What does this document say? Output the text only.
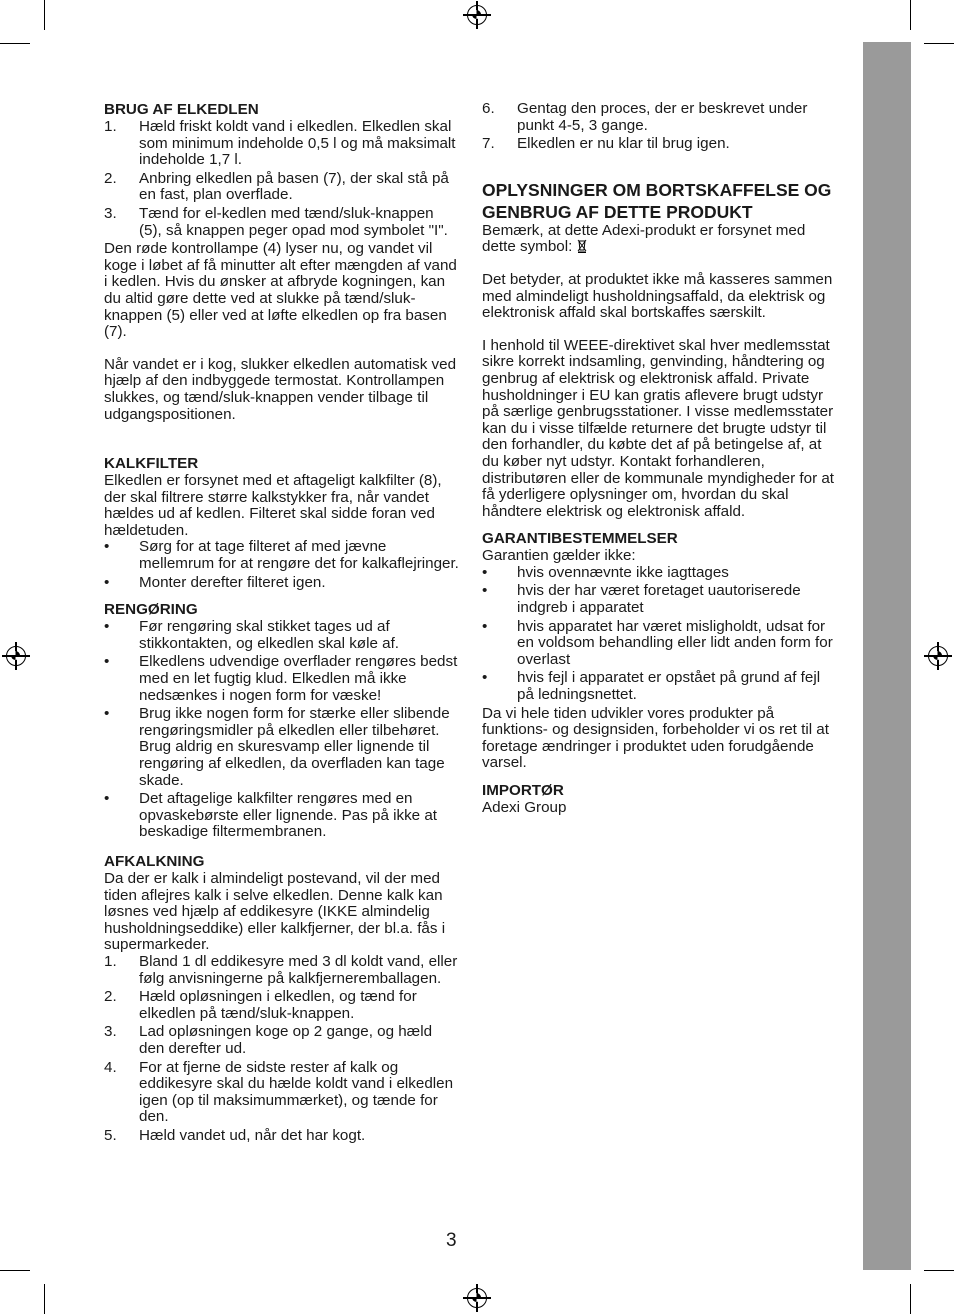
BRUG AF ELKEDLEN
1. Hæld friskt koldt vand i elkedlen. Elkedlen skal som minimum indeholde 0,5 l og må maksimalt indeholde 1,7 l.
2. Anbring elkedlen på basen (7), der skal stå på en fast, plan overflade.
3. Tænd for el-kedlen med tænd/sluk-knappen (5), så knappen peger opad mod symbolet "I".

Den røde kontrollampe (4) lyser nu, og vandet vil koge i løbet af få minutter alt efter mængden af vand i kedlen. Hvis du ønsker at afbryde kogningen, kan du altid gøre dette ved at slukke på tænd/sluk-knappen (5) eller ved at løfte elkedlen op fra basen (7).

Når vandet er i kog, slukker elkedlen automatisk ved hjælp af den indbyggede termostat. Kontrollampen slukkes, og tænd/sluk-knappen vender tilbage til udgangspositionen.

KALKFILTER

Elkedlen er forsynet med et aftageligt kalkfilter (8), der skal filtrere større kalkstykker fra, når vandet hældes ud af kedlen. Filteret skal sidde foran ved hældetuden.

• Sørg for at tage filteret af med jævne mellemrum for at rengøre det for kalkaflejringer.
• Monter derefter filteret igen.
RENGØRING
• Før rengøring skal stikket tages ud af stikkontakten, og elkedlen skal køle af.
• Elkedlens udvendige overflader rengøres bedst med en let fugtig klud. Elkedlen må ikke nedsænkes i nogen form for væske!
• Brug ikke nogen form for stærke eller slibende rengøringsmidler på elkedlen eller tilbehøret. Brug aldrig en skuresvamp eller lignende til rengøring af elkedlen, da overfladen kan tage skade.
• Det aftagelige kalkfilter rengøres med en opvaskebørste eller lignende. Pas på ikke at beskadige filtermembranen.
AFKALKNING

Da der er kalk i almindeligt postevand, vil der med tiden aflejres kalk i selve elkedlen. Denne kalk kan løsnes ved hjælp af eddikesyre (IKKE almindelig husholdningseddike) eller kalkfjerner, der bl.a. fås i supermarkeder.

1. Bland 1 dl eddikesyre med 3 dl koldt vand, eller følg anvisningerne på kalkfjerneremballagen.
2. Hæld opløsningen i elkedlen, og tænd for elkedlen på tænd/sluk-knappen.
3. Lad opløsningen koge op 2 gange, og hæld den derefter ud.
4. For at fjerne de sidste rester af kalk og eddikesyre skal du hælde koldt vand i elkedlen igen (op til maksimummærket), og tænde for den.
5. Hæld vandet ud, når det har kogt.
6. Gentag den proces, der er beskrevet under punkt 4-5, 3 gange.
7. Elkedlen er nu klar til brug igen.
OPLYSNINGER OM BORTSKAFFELSE OG GENBRUG AF DETTE PRODUKT

Bemærk, at dette Adexi-produkt er forsynet med dette symbol:

Det betyder, at produktet ikke må kasseres sammen med almindeligt husholdningsaffald, da elektrisk og elektronisk affald skal bortskaffes særskilt.

I henhold til WEEE-direktivet skal hver medlemsstat sikre korrekt indsamling, genvinding, håndtering og genbrug af elektrisk og elektronisk affald. Private husholdninger i EU kan gratis aflevere brugt udstyr på særlige genbrugsstationer. I visse medlemsstater kan du i visse tilfælde returnere det brugte udstyr til den forhandler, du købte det af på betingelse af, at du køber nyt udstyr. Kontakt forhandleren, distributøren eller de kommunale myndigheder for at få yderligere oplysninger om, hvordan du skal håndtere elektrisk og elektronisk affald.

GARANTIBESTEMMELSER

Garantien gælder ikke:

• hvis ovennævnte ikke iagttages
• hvis der har været foretaget uautoriserede indgreb i apparatet
• hvis apparatet har været misligholdt, udsat for en voldsom behandling eller lidt anden form for overlast
• hvis fejl i apparatet er opstået på grund af fejl på ledningsnettet.

Da vi hele tiden udvikler vores produkter på funktions- og designsiden, forbeholder vi os ret til at foretage ændringer i produktet uden forudgående varsel.

IMPORTØR

Adexi Group

3
